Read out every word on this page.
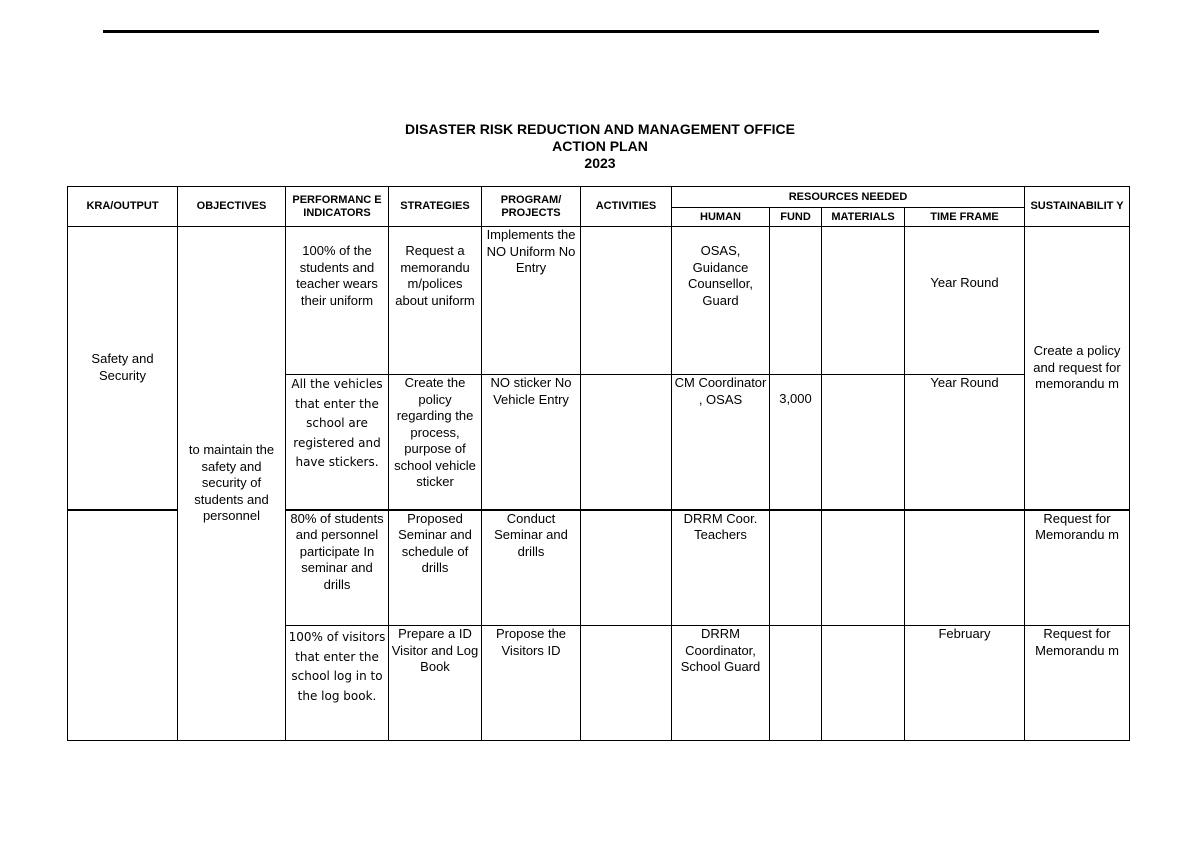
DISASTER RISK REDUCTION AND MANAGEMENT OFFICE
ACTION PLAN
2023
KRA/OUTPUT	OBJECTIVES	PERFORMANC E INDICATORS	STRATEGIES	PROGRAM/ PROJECTS	ACTIVITIES	RESOURCES NEEDED				SUSTAINABILIT Y
						HUMAN	FUND	MATERIALS	TIME FRAME	
Safety and Security	to maintain the safety and security of students and personnel	100% of the students and teacher wears their uniform	Request a memorandu m/polices about uniform	Implements the NO Uniform No Entry		OSAS, Guidance Counsellor, Guard			Year Round	Create a policy and request for memorandu m
		All the vehicles that enter the school are registered and have stickers.	Create the policy regarding the process, purpose of school vehicle sticker	NO sticker No Vehicle Entry		CM Coordinator , OSAS	3,000		Year Round	
		80% of students and personnel participate In seminar and drills	Proposed Seminar and schedule of drills	Conduct Seminar and drills		DRRM Coor. Teachers				Request for Memorandu m
		100% of visitors that enter the school log in to the log book.	Prepare a ID Visitor and Log Book	Propose the Visitors ID		DRRM Coordinator, School Guard			February	Request for Memorandu m
